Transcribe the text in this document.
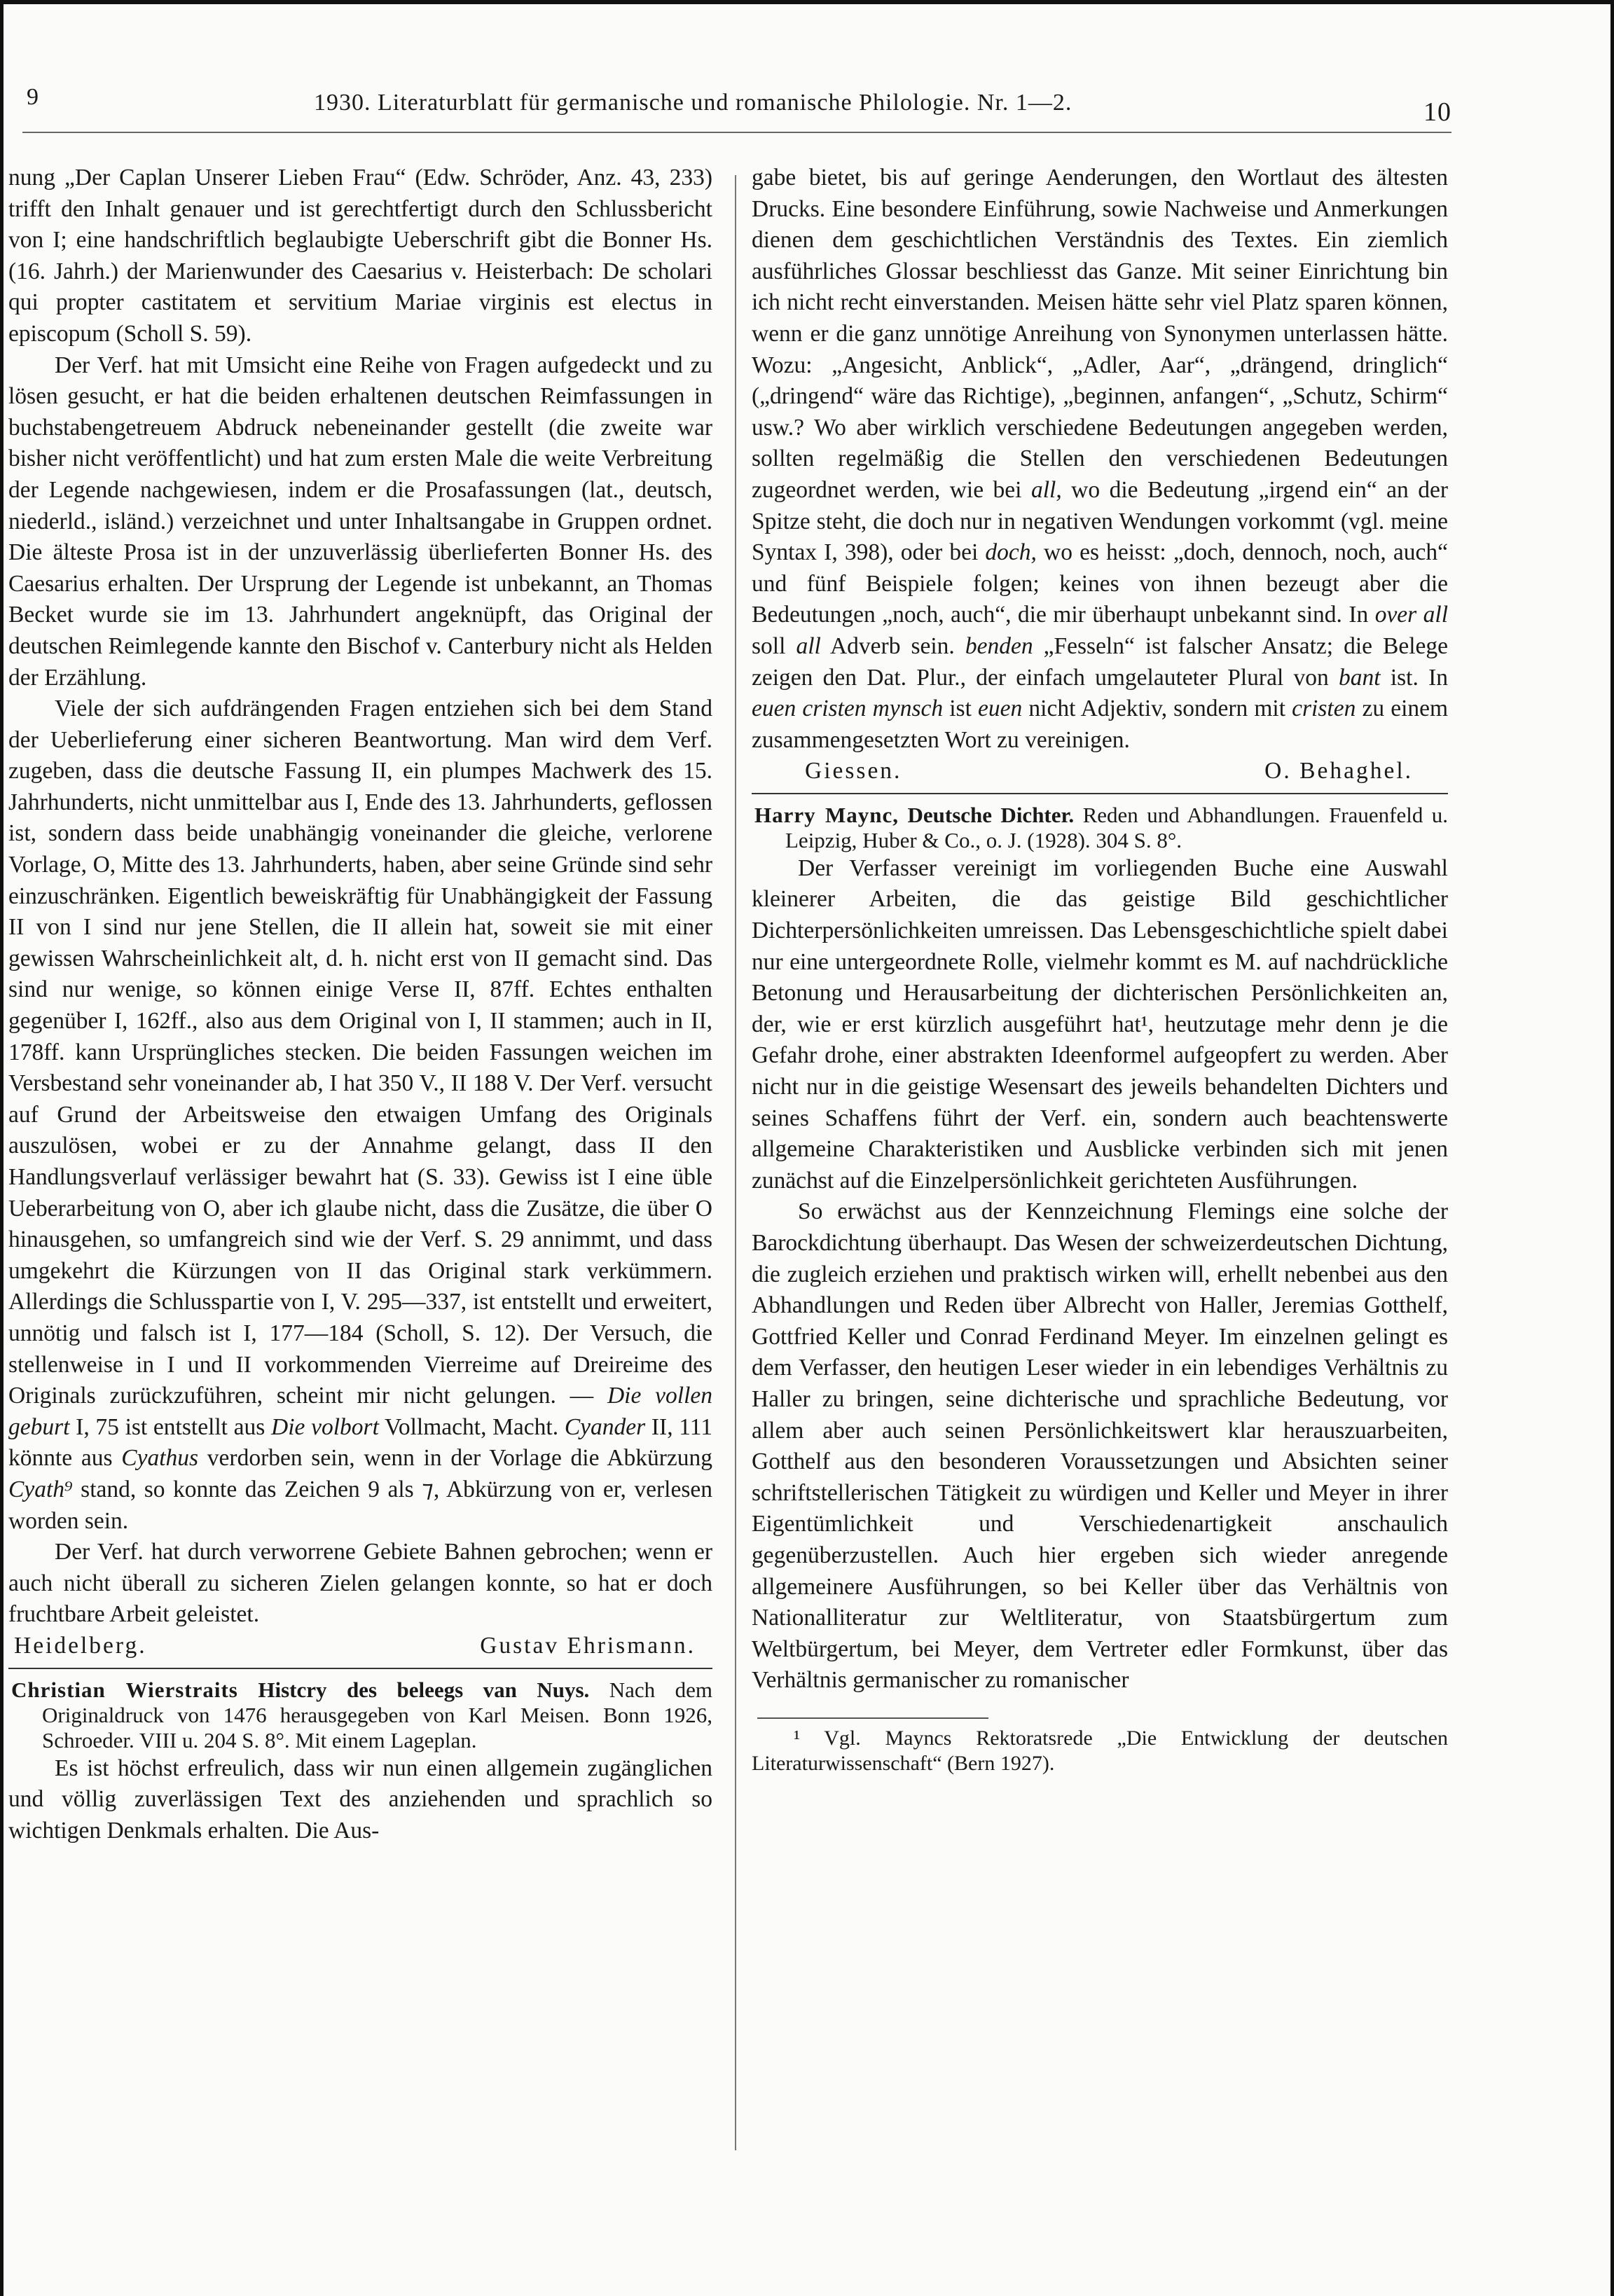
9	1930. Literaturblatt für germanische und romanische Philologie. Nr. 1—2.	10

nung „Der Caplan Unserer Lieben Frau“ (Edw. Schröder, Anz. 43, 233) trifft den Inhalt genauer und ist gerechtfertigt durch den Schlussbericht von I; eine handschriftlich beglaubigte Ueberschrift gibt die Bonner Hs. (16. Jahrh.) der Marienwunder des Caesarius v. Heisterbach: De scholari qui propter castitatem et servitium Mariae virginis est electus in episcopum (Scholl S. 59).

Der Verf. hat mit Umsicht eine Reihe von Fragen aufgedeckt und zu lösen gesucht, er hat die beiden erhaltenen deutschen Reimfassungen in buchstabengetreuem Abdruck nebeneinander gestellt (die zweite war bisher nicht veröffentlicht) und hat zum ersten Male die weite Verbreitung der Legende nachgewiesen, indem er die Prosafassungen (lat., deutsch, niederld., isländ.) verzeichnet und unter Inhaltsangabe in Gruppen ordnet. Die älteste Prosa ist in der unzuverlässig überlieferten Bonner Hs. des Caesarius erhalten. Der Ursprung der Legende ist unbekannt, an Thomas Becket wurde sie im 13. Jahrhundert angeknüpft, das Original der deutschen Reimlegende kannte den Bischof v. Canterbury nicht als Helden der Erzählung.

Viele der sich aufdrängenden Fragen entziehen sich bei dem Stand der Ueberlieferung einer sicheren Beantwortung. Man wird dem Verf. zugeben, dass die deutsche Fassung II, ein plumpes Machwerk des 15. Jahrhunderts, nicht unmittelbar aus I, Ende des 13. Jahrhunderts, geflossen ist, sondern dass beide unabhängig voneinander die gleiche, verlorene Vorlage, O, Mitte des 13. Jahrhunderts, haben, aber seine Gründe sind sehr einzuschränken. Eigentlich beweiskräftig für Unabhängigkeit der Fassung II von I sind nur jene Stellen, die II allein hat, soweit sie mit einer gewissen Wahrscheinlichkeit alt, d. h. nicht erst von II gemacht sind. Das sind nur wenige, so können einige Verse II, 87ff. Echtes enthalten gegenüber I, 162ff., also aus dem Original von I, II stammen; auch in II, 178ff. kann Ursprüngliches stecken. Die beiden Fassungen weichen im Versbestand sehr voneinander ab, I hat 350 V., II 188 V. Der Verf. versucht auf Grund der Arbeitsweise den etwaigen Umfang des Originals auszulösen, wobei er zu der Annahme gelangt, dass II den Handlungsverlauf verlässiger bewahrt hat (S. 33). Gewiss ist I eine üble Ueberarbeitung von O, aber ich glaube nicht, dass die Zusätze, die über O hinausgehen, so umfangreich sind wie der Verf. S. 29 annimmt, und dass umgekehrt die Kürzungen von II das Original stark verkümmern. Allerdings die Schlusspartie von I, V. 295—337, ist entstellt und erweitert, unnötig und falsch ist I, 177—184 (Scholl, S. 12). Der Versuch, die stellenweise in I und II vorkommenden Vierreime auf Dreireime des Originals zurückzuführen, scheint mir nicht gelungen. — Die vollen geburt I, 75 ist entstellt aus Die volbort Vollmacht, Macht. Cyander II, 111 könnte aus Cyathus verdorben sein, wenn in der Vorlage die Abkürzung Cyath⁹ stand, so konnte das Zeichen 9 als ⁊, Abkürzung von er, verlesen worden sein.

Der Verf. hat durch verworrene Gebiete Bahnen gebrochen; wenn er auch nicht überall zu sicheren Zielen gelangen konnte, so hat er doch fruchtbare Arbeit geleistet.

Heidelberg.	Gustav Ehrismann.

Christian Wierstraits Histcry des beleegs van Nuys. Nach dem Originaldruck von 1476 herausgegeben von Karl Meisen. Bonn 1926, Schroeder. VIII u. 204 S. 8°. Mit einem Lageplan.

Es ist höchst erfreulich, dass wir nun einen allgemein zugänglichen und völlig zuverlässigen Text des anziehenden und sprachlich so wichtigen Denkmals erhalten. Die Aus-

gabe bietet, bis auf geringe Aenderungen, den Wortlaut des ältesten Drucks. Eine besondere Einführung, sowie Nachweise und Anmerkungen dienen dem geschichtlichen Verständnis des Textes. Ein ziemlich ausführliches Glossar beschliesst das Ganze. Mit seiner Einrichtung bin ich nicht recht einverstanden. Meisen hätte sehr viel Platz sparen können, wenn er die ganz unnötige Anreihung von Synonymen unterlassen hätte. Wozu: „Angesicht, Anblick“, „Adler, Aar“, „drängend, dringlich“ („dringend“ wäre das Richtige), „beginnen, anfangen“, „Schutz, Schirm“ usw.? Wo aber wirklich verschiedene Bedeutungen angegeben werden, sollten regelmäßig die Stellen den verschiedenen Bedeutungen zugeordnet werden, wie bei all, wo die Bedeutung „irgend ein“ an der Spitze steht, die doch nur in negativen Wendungen vorkommt (vgl. meine Syntax I, 398), oder bei doch, wo es heisst: „doch, dennoch, noch, auch“ und fünf Beispiele folgen; keines von ihnen bezeugt aber die Bedeutungen „noch, auch“, die mir überhaupt unbekannt sind. In over all soll all Adverb sein. benden „Fesseln“ ist falscher Ansatz; die Belege zeigen den Dat. Plur., der einfach umgelauteter Plural von bant ist. In euen cristen mynsch ist euen nicht Adjektiv, sondern mit cristen zu einem zusammengesetzten Wort zu vereinigen.

Giessen.	O. Behaghel.

Harry Maync, Deutsche Dichter. Reden und Abhandlungen. Frauenfeld u. Leipzig, Huber & Co., o. J. (1928). 304 S. 8°.

Der Verfasser vereinigt im vorliegenden Buche eine Auswahl kleinerer Arbeiten, die das geistige Bild geschichtlicher Dichterpersönlichkeiten umreissen. Das Lebensgeschichtliche spielt dabei nur eine untergeordnete Rolle, vielmehr kommt es M. auf nachdrückliche Betonung und Herausarbeitung der dichterischen Persönlichkeiten an, der, wie er erst kürzlich ausgeführt hat¹, heutzutage mehr denn je die Gefahr drohe, einer abstrakten Ideenformel aufgeopfert zu werden. Aber nicht nur in die geistige Wesensart des jeweils behandelten Dichters und seines Schaffens führt der Verf. ein, sondern auch beachtenswerte allgemeine Charakteristiken und Ausblicke verbinden sich mit jenen zunächst auf die Einzelpersönlichkeit gerichteten Ausführungen.

So erwächst aus der Kennzeichnung Flemings eine solche der Barockdichtung überhaupt. Das Wesen der schweizerdeutschen Dichtung, die zugleich erziehen und praktisch wirken will, erhellt nebenbei aus den Abhandlungen und Reden über Albrecht von Haller, Jeremias Gotthelf, Gottfried Keller und Conrad Ferdinand Meyer. Im einzelnen gelingt es dem Verfasser, den heutigen Leser wieder in ein lebendiges Verhältnis zu Haller zu bringen, seine dichterische und sprachliche Bedeutung, vor allem aber auch seinen Persönlichkeitswert klar herauszuarbeiten, Gotthelf aus den besonderen Voraussetzungen und Absichten seiner schriftstellerischen Tätigkeit zu würdigen und Keller und Meyer in ihrer Eigentümlichkeit und Verschiedenartigkeit anschaulich gegenüberzustellen. Auch hier ergeben sich wieder anregende allgemeinere Ausführungen, so bei Keller über das Verhältnis von Nationalliteratur zur Weltliteratur, von Staatsbürgertum zum Weltbürgertum, bei Meyer, dem Vertreter edler Formkunst, über das Verhältnis germanischer zu romanischer

¹ Vgl. Mayncs Rektoratsrede „Die Entwicklung der deutschen Literaturwissenschaft“ (Bern 1927).
